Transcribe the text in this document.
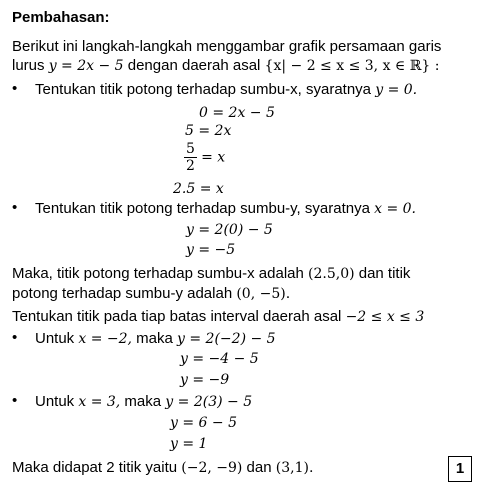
Pembahasan:
Berikut ini langkah-langkah menggambar grafik persamaan garis
lurus y = 2x − 5 dengan daerah asal {x| − 2 ≤ x ≤ 3, x ∈ ℝ} :
• Tentukan titik potong terhadap sumbu-x, syaratnya y = 0.
0 = 2x − 5
5 = 2x
$\frac{5}{2} = x$
2.5 = x
• Tentukan titik potong terhadap sumbu-y, syaratnya x = 0.
y = 2(0) − 5
y = −5
Maka, titik potong terhadap sumbu-x adalah (2.5,0) dan titik
potong terhadap sumbu-y adalah (0, −5).
Tentukan titik pada tiap batas interval daerah asal −2 ≤ x ≤ 3
• Untuk x = −2, maka y = 2(−2) − 5
y = −4 − 5
y = −9
• Untuk x = 3, maka y = 2(3) − 5
y = 6 − 5
y = 1
Maka didapat 2 titik yaitu (−2, −9) dan (3,1).	1
